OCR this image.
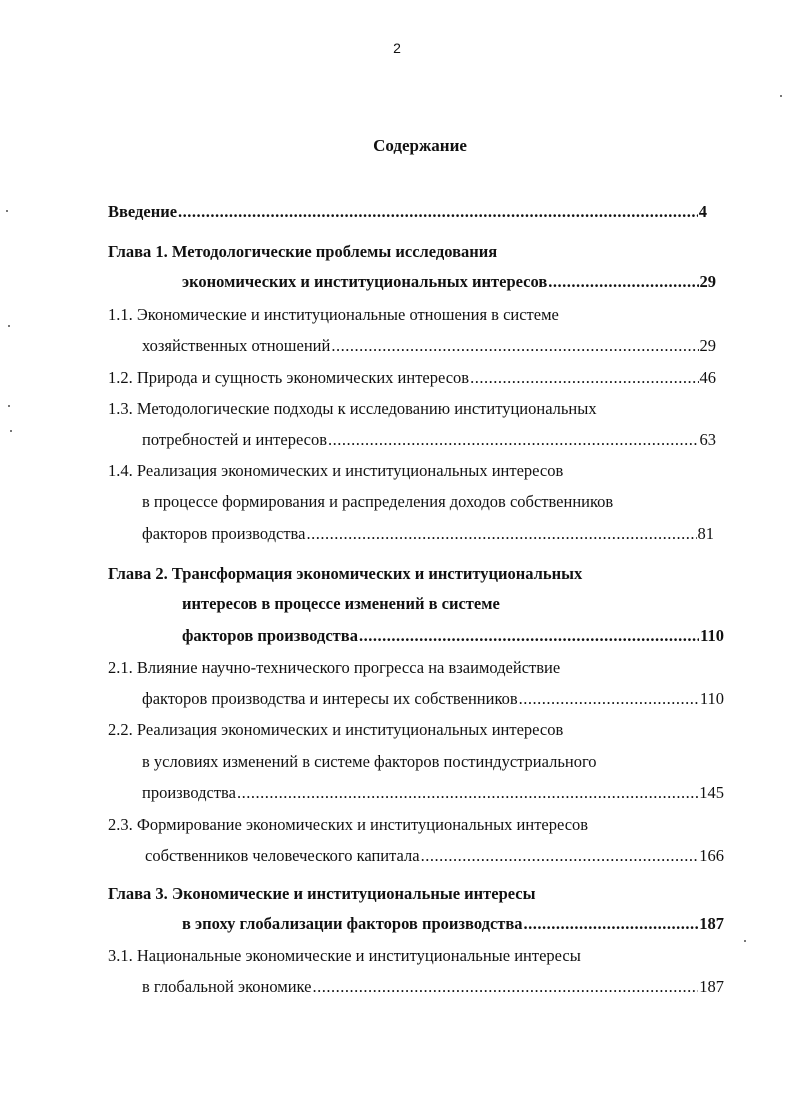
2
Содержание
Введение .....	4
Глава 1. Методологические проблемы исследования
экономических и институциональных интересов .....	29
1.1. Экономические и институциональные отношения в системе
хозяйственных отношений .....	29
1.2. Природа и сущность экономических интересов .....	46
1.3. Методологические подходы к исследованию институциональных
потребностей и интересов .....	63
1.4. Реализация экономических и институциональных интересов
в процессе формирования и распределения доходов собственников
факторов производства .....	81
Глава 2. Трансформация экономических и институциональных
интересов в процессе изменений в системе
факторов производства .....	110
2.1. Влияние научно-технического прогресса на взаимодействие
факторов производства и интересы их собственников .....	110
2.2. Реализация экономических и институциональных интересов
в условиях изменений в системе факторов постиндустриального
производства .....	145
2.3. Формирование экономических и институциональных интересов
собственников человеческого капитала .....	166
Глава 3. Экономические и институциональные интересы
в эпоху глобализации факторов производства .....	187
3.1. Национальные экономические и институциональные интересы
в глобальной экономике .....	187
